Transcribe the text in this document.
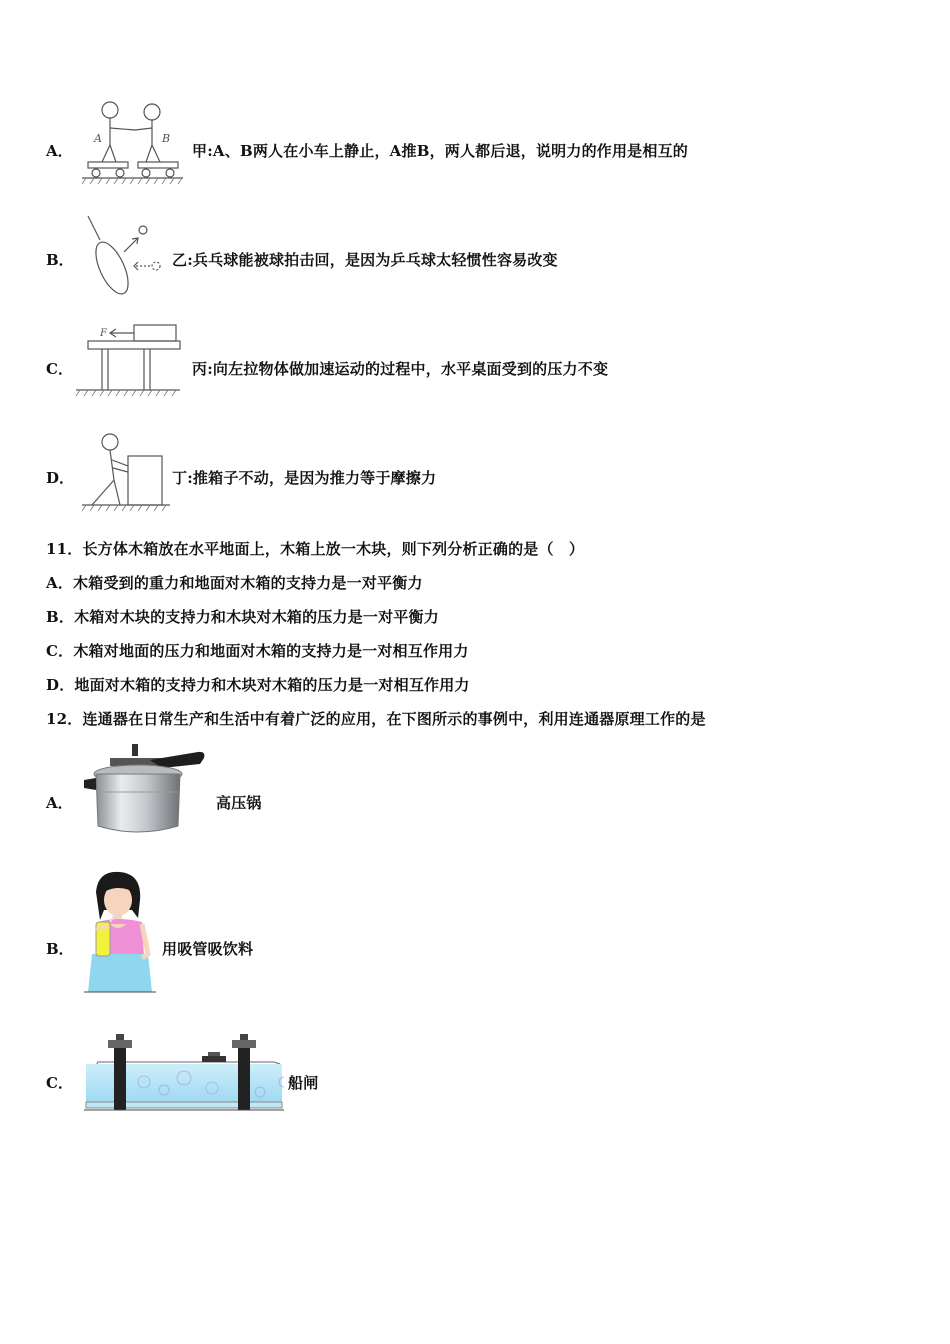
A．
A	B
甲:A、B两人在小车上静止，A推B，两人都后退，说明力的作用是相互的
B．	乙:兵乓球能被球拍击回，是因为乒乓球太轻惯性容易改变
C．
F
丙:向左拉物体做加速运动的过程中，水平桌面受到的压力不变
D．	丁:推箱子不动，是因为推力等于摩擦力
11．长方体木箱放在水平地面上，木箱上放一木块，则下列分析正确的是（　）
A．木箱受到的重力和地面对木箱的支持力是一对平衡力
B．木箱对木块的支持力和木块对木箱的压力是一对平衡力
C．木箱对地面的压力和地面对木箱的支持力是一对相互作用力
D．地面对木箱的支持力和木块对木箱的压力是一对相互作用力
12．连通器在日常生产和生活中有着广泛的应用，在下图所示的事例中，利用连通器原理工作的是
A．	高压锅
B．	用吸管吸饮料
C．	船闸
